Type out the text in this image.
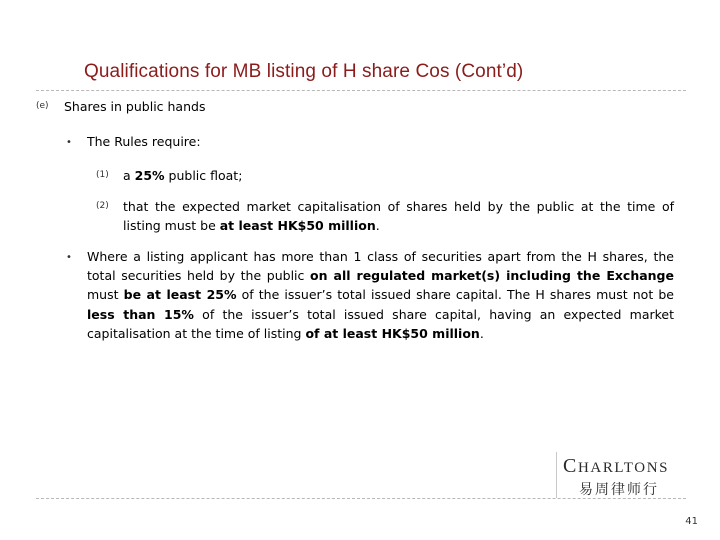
Qualifications for MB listing of H share Cos (Cont’d)
(e) Shares in public hands
• The Rules require:
(1) a 25% public float;
(2) that the expected market capitalisation of shares held by the public at the time of listing must be at least HK$50 million.
• Where a listing applicant has more than 1 class of securities apart from the H shares, the total securities held by the public on all regulated market(s) including the Exchange must be at least 25% of the issuer’s total issued share capital. The H shares must not be less than 15% of the issuer’s total issued share capital, having an expected market capitalisation at the time of listing of at least HK$50 million.
CHARLTONS
易周律师行
41
